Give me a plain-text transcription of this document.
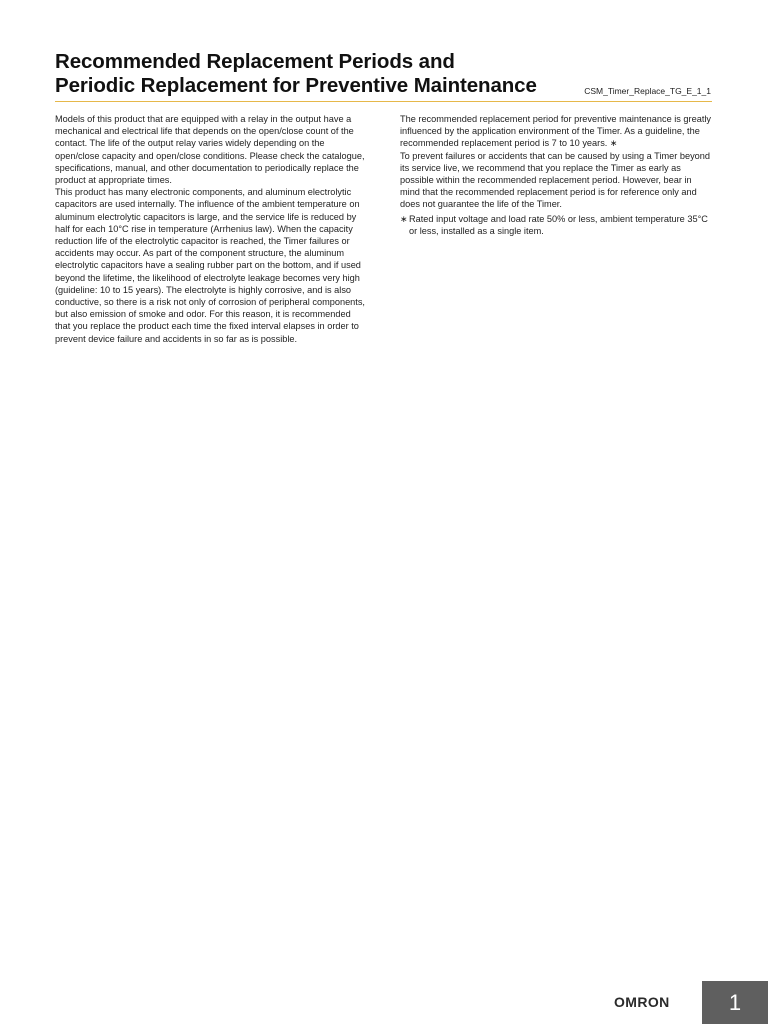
Recommended Replacement Periods and
Periodic Replacement for Preventive Maintenance	CSM_Timer_Replace_TG_E_1_1

Models of this product that are equipped with a relay in the output have a mechanical and electrical life that depends on the open/close count of the contact. The life of the output relay varies widely depending on the open/close capacity and open/close conditions. Please check the catalogue, specifications, manual, and other documentation to periodically replace the product at appropriate times.

This product has many electronic components, and aluminum electrolytic capacitors are used internally. The influence of the ambient temperature on aluminum electrolytic capacitors is large, and the service life is reduced by half for each 10°C rise in temperature (Arrhenius law). When the capacity reduction life of the electrolytic capacitor is reached, the Timer failures or accidents may occur. As part of the component structure, the aluminum electrolytic capacitors have a sealing rubber part on the bottom, and if used beyond the lifetime, the likelihood of electrolyte leakage becomes very high (guideline: 10 to 15 years). The electrolyte is highly corrosive, and is also conductive, so there is a risk not only of corrosion of peripheral components, but also emission of smoke and odor. For this reason, it is recommended that you replace the product each time the fixed interval elapses in order to prevent device failure and accidents in so far as is possible.

The recommended replacement period for preventive maintenance is greatly influenced by the application environment of the Timer. As a guideline, the recommended replacement period is 7 to 10 years. ∗

To prevent failures or accidents that can be caused by using a Timer beyond its service live, we recommend that you replace the Timer as early as possible within the recommended replacement period. However, bear in mind that the recommended replacement period is for reference only and does not guarantee the life of the Timer.

∗ Rated input voltage and load rate 50% or less, ambient temperature 35°C or less, installed as a single item.
OMRON	1
